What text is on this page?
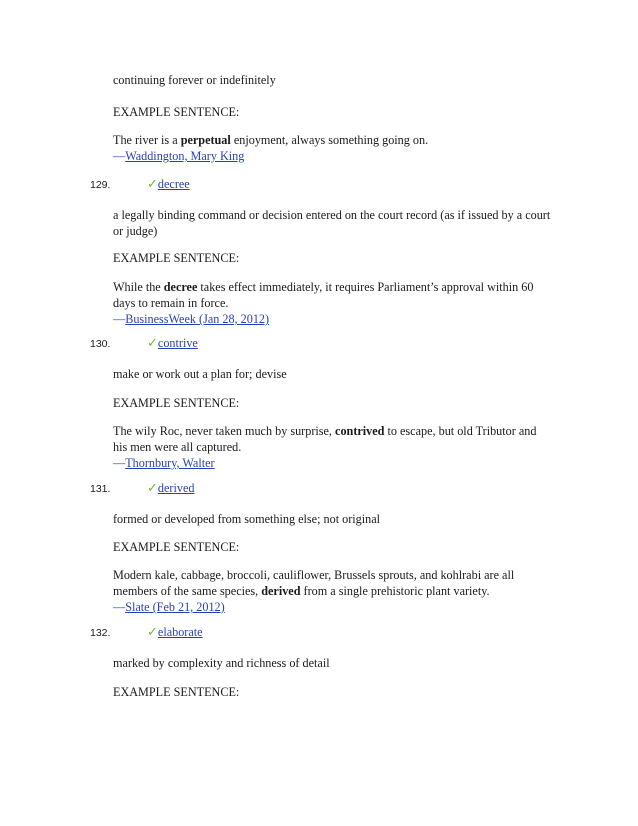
continuing forever or indefinitely
EXAMPLE SENTENCE:
The river is a perpetual enjoyment, always something going on.
—Waddington, Mary King
129.	✓decree
a legally binding command or decision entered on the court record (as if issued by a court
or judge)
EXAMPLE SENTENCE:
While the decree takes effect immediately, it requires Parliament’s approval within 60
days to remain in force.
—BusinessWeek (Jan 28, 2012)
130.	✓contrive
make or work out a plan for; devise
EXAMPLE SENTENCE:
The wily Roc, never taken much by surprise, contrived to escape, but old Tributor and
his men were all captured.
—Thornbury, Walter
131.	✓derived
formed or developed from something else; not original
EXAMPLE SENTENCE:
Modern kale, cabbage, broccoli, cauliflower, Brussels sprouts, and kohlrabi are all
members of the same species, derived from a single prehistoric plant variety.
—Slate (Feb 21, 2012)
132.	✓elaborate
marked by complexity and richness of detail
EXAMPLE SENTENCE:
